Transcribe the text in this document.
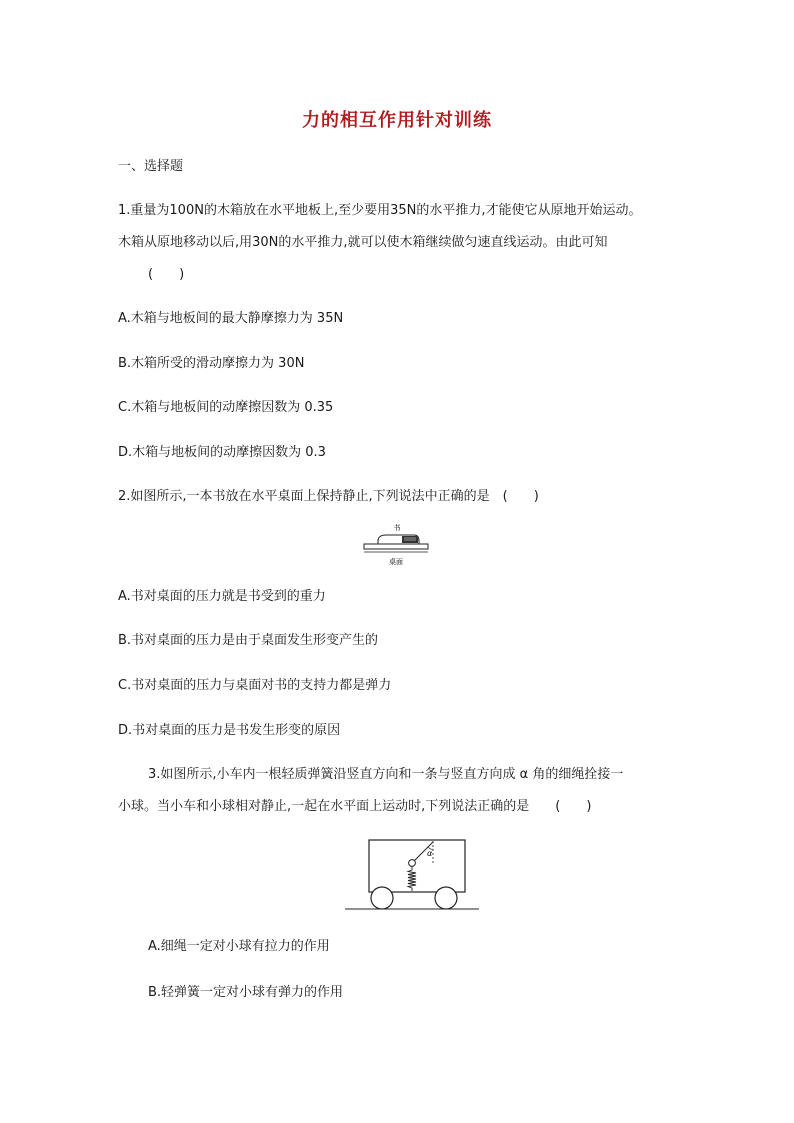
力的相互作用针对训练
一、选择题
1.重量为100N的木箱放在水平地板上,至少要用35N的水平推力,才能使它从原地开始运动。
木箱从原地移动以后,用30N的水平推力,就可以使木箱继续做匀速直线运动。由此可知
(　　)
A.木箱与地板间的最大静摩擦力为 35N
B.木箱所受的滑动摩擦力为 30N
C.木箱与地板间的动摩擦因数为 0.35
D.木箱与地板间的动摩擦因数为 0.3
2.如图所示,一本书放在水平桌面上保持静止,下列说法中正确的是　(　　)
书
桌面
A.书对桌面的压力就是书受到的重力
B.书对桌面的压力是由于桌面发生形变产生的
C.书对桌面的压力与桌面对书的支持力都是弹力
D.书对桌面的压力是书发生形变的原因
3.如图所示,小车内一根轻质弹簧沿竖直方向和一条与竖直方向成 α 角的细绳拴接一
小球。当小车和小球相对静止,一起在水平面上运动时,下列说法正确的是　　(　　)
α
A.细绳一定对小球有拉力的作用
B.轻弹簧一定对小球有弹力的作用
